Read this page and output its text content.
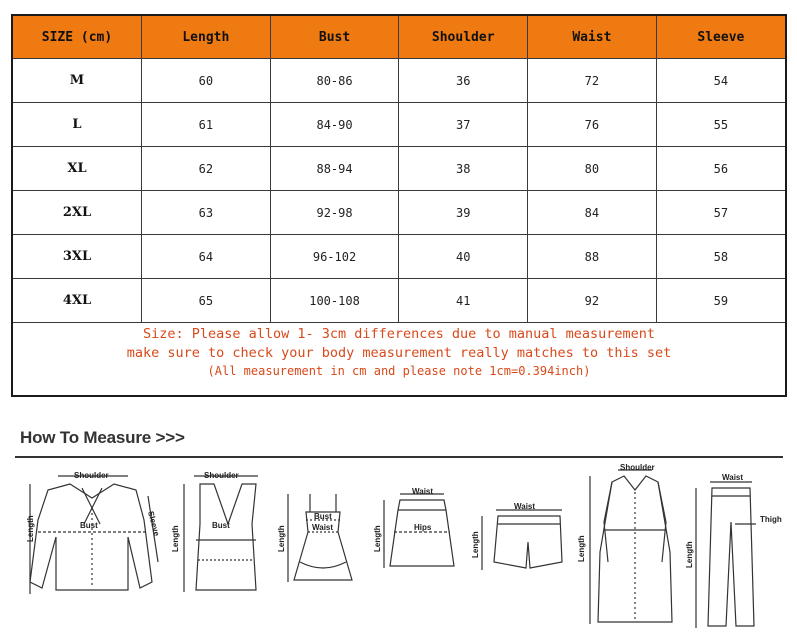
SIZE (cm)	Length	Bust	Shoulder	Waist	Sleeve
M	60	80-86	36	72	54
L	61	84-90	37	76	55
XL	62	88-94	38	80	56
2XL	63	92-98	39	84	57
3XL	64	96-102	40	88	58
4XL	65	100-108	41	92	59
Size: Please allow 1- 3cm differences due to manual measurement
make sure to check your body measurement really matches to this set
(All measurement in cm and please note 1cm=0.394inch)
How To Measure >>>
Shoulder
Bust
Length	Sleeve
Shoulder
Bust
Length
Bust
Waist
Length
Waist
Hips
Length
Waist
Length
Shoulder
Length
Waist
Thigh
Length
